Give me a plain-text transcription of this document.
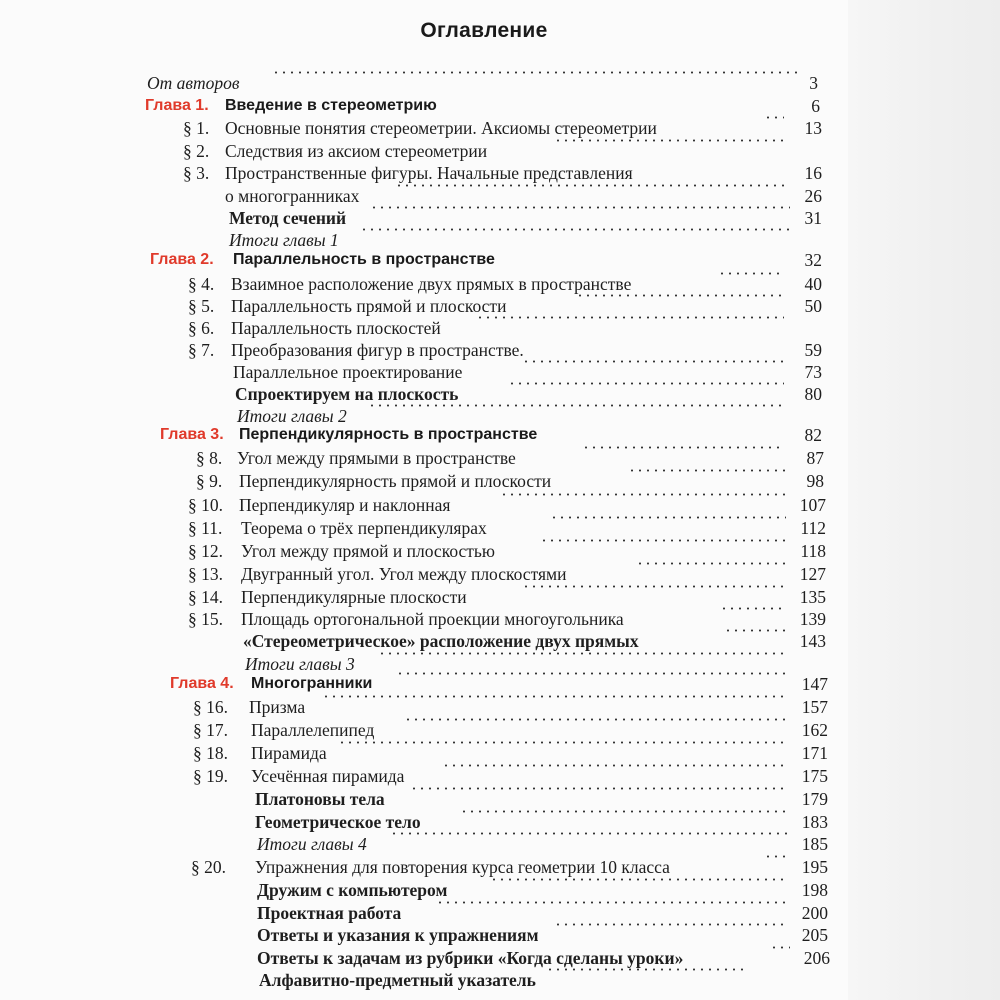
Оглавление
От авторов	3
Глава 1. Введение в стереометрию	6
§ 1. Основные понятия стереометрии. Аксиомы стереометрии	13
§ 2. Следствия из аксиом стереометрии
§ 3. Пространственные фигуры. Начальные представления	16
о многогранниках	26
Метод сечений	31
Итоги главы 1
Глава 2. Параллельность в пространстве	32
§ 4. Взаимное расположение двух прямых в пространстве	40
§ 5. Параллельность прямой и плоскости	50
§ 6. Параллельность плоскостей
§ 7. Преобразования фигур в пространстве.	59
Параллельное проектирование	73
Спроектируем на плоскость	80
Итоги главы 2
Глава 3. Перпендикулярность в пространстве	82
§ 8. Угол между прямыми в пространстве	87
§ 9. Перпендикулярность прямой и плоскости	98
§ 10. Перпендикуляр и наклонная	107
§ 11. Теорема о трёх перпендикулярах	112
§ 12. Угол между прямой и плоскостью	118
§ 13. Двугранный угол. Угол между плоскостями	127
§ 14. Перпендикулярные плоскости	135
§ 15. Площадь ортогональной проекции многоугольника	139
«Стереометрическое» расположение двух прямых	143
Итоги главы 3
Глава 4. Многогранники	147
§ 16. Призма	157
§ 17. Параллелепипед	162
§ 18. Пирамида	171
§ 19. Усечённая пирамида	175
Платоновы тела	179
Геометрическое тело	183
Итоги главы 4	185
§ 20. Упражнения для повторения курса геометрии 10 класса	195
Дружим с компьютером	198
Проектная работа	200
Ответы и указания к упражнениям	205
Ответы к задачам из рубрики «Когда сделаны уроки»	206
Алфавитно-предметный указатель
